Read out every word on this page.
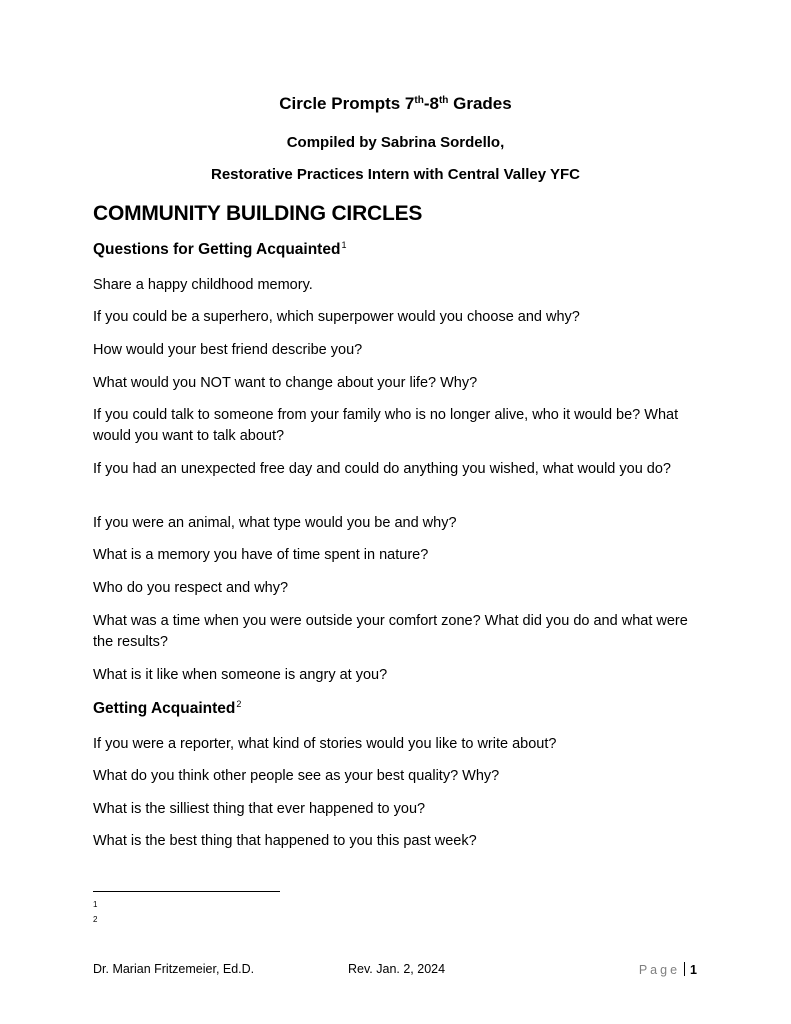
Circle Prompts 7th-8th Grades
Compiled by Sabrina Sordello,
Restorative Practices Intern with Central Valley YFC
COMMUNITY BUILDING CIRCLES
Questions for Getting Acquainted$^1$
Share a happy childhood memory.
If you could be a superhero, which superpower would you choose and why?
How would your best friend describe you?
What would you NOT want to change about your life? Why?
If you could talk to someone from your family who is no longer alive, who it would be? What would you want to talk about?
If you had an unexpected free day and could do anything you wished, what would you do?
If you were an animal, what type would you be and why?
What is a memory you have of time spent in nature?
Who do you respect and why?
What was a time when you were outside your comfort zone? What did you do and what were the results?
What is it like when someone is angry at you?
Getting Acquainted$^2$
If you were a reporter, what kind of stories would you like to write about?
What do you think other people see as your best quality? Why?
What is the silliest thing that ever happened to you?
What is the best thing that happened to you this past week?
1
2
Dr. Marian Fritzemeier, Ed.D.	Rev. Jan. 2, 2024	Page 1
